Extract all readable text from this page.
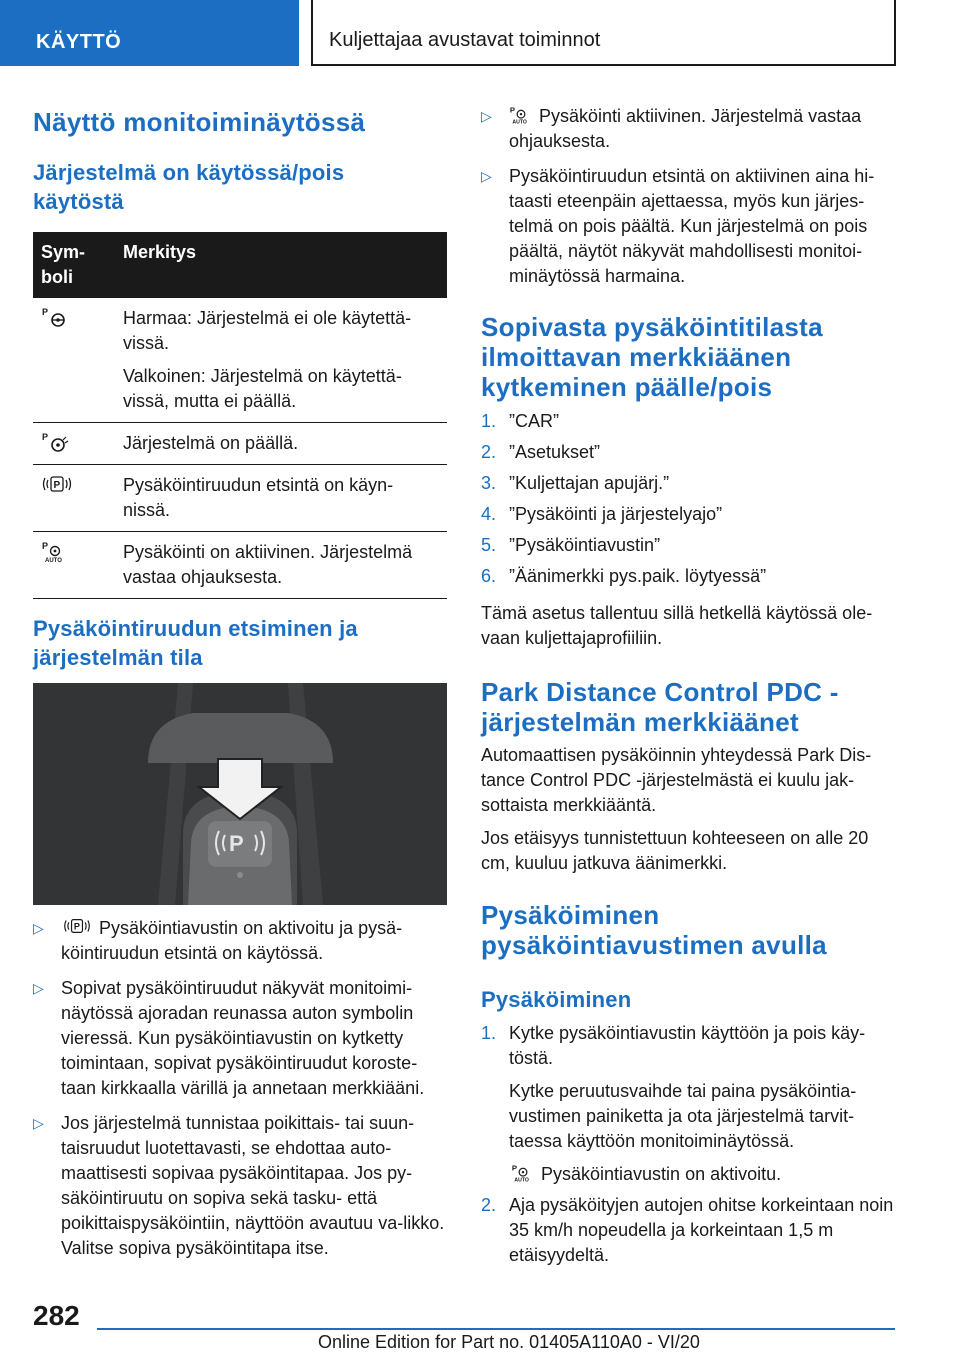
KÄYTTÖ	Kuljettajaa avustavat toiminnot
Näyttö monitoiminäytössä
Järjestelmä on käytössä/pois käytöstä
Sym-
boli	Merkitys

P	Harmaa: Järjestelmä ei ole käytettä-vissä.

Valkoinen: Järjestelmä on käytettä-vissä, mutta ei päällä.

P	Järjestelmä on päällä.

P	Pysäköintiruudun etsintä on käyn-nissä.

P
AUTO	Pysäköinti on aktiivinen. Järjestelmä vastaa ohjauksesta.
Pysäköintiruudun etsiminen ja järjestelmän tila
P
▷	P Pysäköintiavustin on aktivoitu ja pysä-köintiruudun etsintä on käytössä.
▷ Sopivat pysäköintiruudut näkyvät monitoimi-näytössä ajoradan reunassa auton symbolin vieressä. Kun pysäköintiavustin on kytketty toimintaan, sopivat pysäköintiruudut koroste-taan kirkkaalla värillä ja annetaan merkkiääni.
▷ Jos järjestelmä tunnistaa poikittais- tai suun-taisruudut luotettavasti, se ehdottaa auto-maattisesti sopivaa pysäköintitapaa. Jos py-säköintiruutu on sopiva sekä tasku- että poikittaispysäköintiin, näyttöön avautuu va-likko. Valitse sopiva pysäköintitapa itse.
▷ P
AUTO Pysäköinti aktiivinen. Järjestelmä vastaa ohjauksesta.
▷ Pysäköintiruudun etsintä on aktiivinen aina hi-taasti eteenpäin ajettaessa, myös kun järjes-telmä on pois päältä. Kun järjestelmä on pois päältä, näytöt näkyvät mahdollisesti monitoi-minäytössä harmaina.
Sopivasta pysäköintitilasta ilmoittavan merkkiäänen kytkeminen päälle/pois
1. ”CAR”
2. ”Asetukset”
3. ”Kuljettajan apujärj.”
4. ”Pysäköinti ja järjestelyajo”
5. ”Pysäköintiavustin”
6. ”Äänimerkki pys.paik. löytyessä”

Tämä asetus tallentuu sillä hetkellä käytössä ole-vaan kuljettajaprofiiliin.

Park Distance Control PDC -järjestelmän merkkiäänet

Automaattisen pysäköinnin yhteydessä Park Dis-tance Control PDC -järjestelmästä ei kuulu jak-sottaista merkkiääntä.

Jos etäisyys tunnistettuun kohteeseen on alle 20 cm, kuuluu jatkuva äänimerkki.

Pysäköiminen pysäköintiavustimen avulla
Pysäköiminen
1. Kytke pysäköintiavustin käyttöön ja pois käy-töstä.

Kytke peruutusvaihde tai paina pysäköintia-vustimen painiketta ja ota järjestelmä tarvit-taessa käyttöön monitoiminäytössä.

P
AUTO Pysäköintiavustin on aktivoitu.

2. Aja pysäköityjen autojen ohitse korkeintaan noin 35 km/h nopeudella ja korkeintaan 1,5 m etäisyydeltä.
282
Online Edition for Part no. 01405A110A0 - VI/20
